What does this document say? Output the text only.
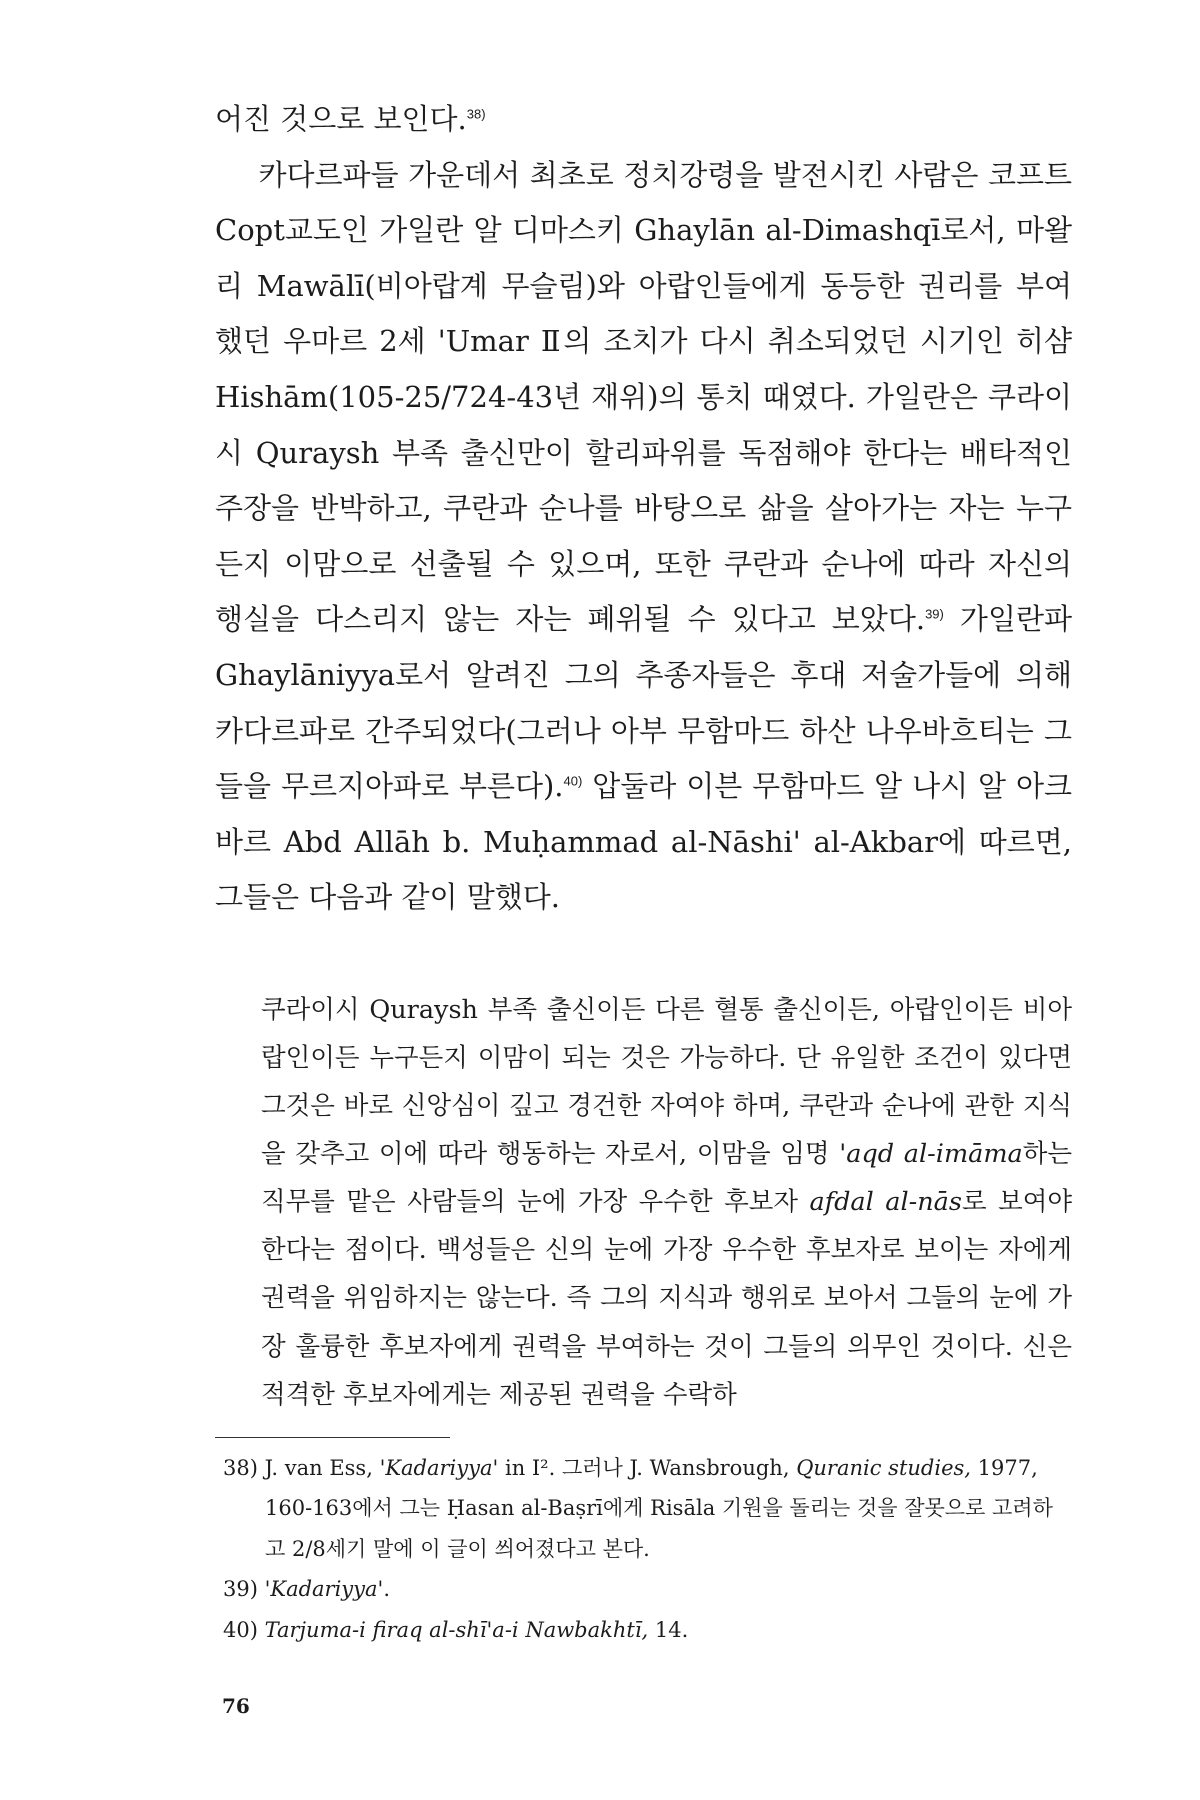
어진 것으로 보인다.$^{38)}$
카다르파들 가운데서 최초로 정치강령을 발전시킨 사람은 코프트 Copt교도인 가일란 알 디마스키 Ghaylān al-Dimashqī로서, 마왈리 Mawālī(비아랍계 무슬림)와 아랍인들에게 동등한 권리를 부여했던 우마르 2세 'Umar Ⅱ의 조치가 다시 취소되었던 시기인 히샴 Hishām(105-25/724-43년 재위)의 통치 때였다. 가일란은 쿠라이시 Quraysh 부족 출신만이 할리파위를 독점해야 한다는 배타적인 주장을 반박하고, 쿠란과 순나를 바탕으로 삶을 살아가는 자는 누구든지 이맘으로 선출될 수 있으며, 또한 쿠란과 순나에 따라 자신의 행실을 다스리지 않는 자는 폐위될 수 있다고 보았다.$^{39)}$ 가일란파 Ghaylāniyya로서 알려진 그의 추종자들은 후대 저술가들에 의해 카다르파로 간주되었다(그러나 아부 무함마드 하산 나우바흐티는 그들을 무르지아파로 부른다).$^{40)}$ 압둘라 이븐 무함마드 알 나시 알 아크바르 Abd Allāh b. Muḥammad al-Nāshi' al-Akbar에 따르면, 그들은 다음과 같이 말했다.

쿠라이시 Quraysh 부족 출신이든 다른 혈통 출신이든, 아랍인이든 비아랍인이든 누구든지 이맘이 되는 것은 가능하다. 단 유일한 조건이 있다면 그것은 바로 신앙심이 깊고 경건한 자여야 하며, 쿠란과 순나에 관한 지식을 갖추고 이에 따라 행동하는 자로서, 이맘을 임명 'aqd al-imāma하는 직무를 맡은 사람들의 눈에 가장 우수한 후보자 afdal al-nās로 보여야 한다는 점이다. 백성들은 신의 눈에 가장 우수한 후보자로 보이는 자에게 권력을 위임하지는 않는다. 즉 그의 지식과 행위로 보아서 그들의 눈에 가장 훌륭한 후보자에게 권력을 부여하는 것이 그들의 의무인 것이다. 신은 적격한 후보자에게는 제공된 권력을 수락하

38) J. van Ess, 'Kadariyya' in I². 그러나 J. Wansbrough, Quranic studies, 1977, 160-163에서 그는 Ḥasan al-Baṣrī에게 Risāla 기원을 돌리는 것을 잘못으로 고려하고 2/8세기 말에 이 글이 씌어졌다고 본다.
39) 'Kadariyya'.
40) Tarjuma-i firaq al-shī'a-i Nawbakhtī, 14.
76
